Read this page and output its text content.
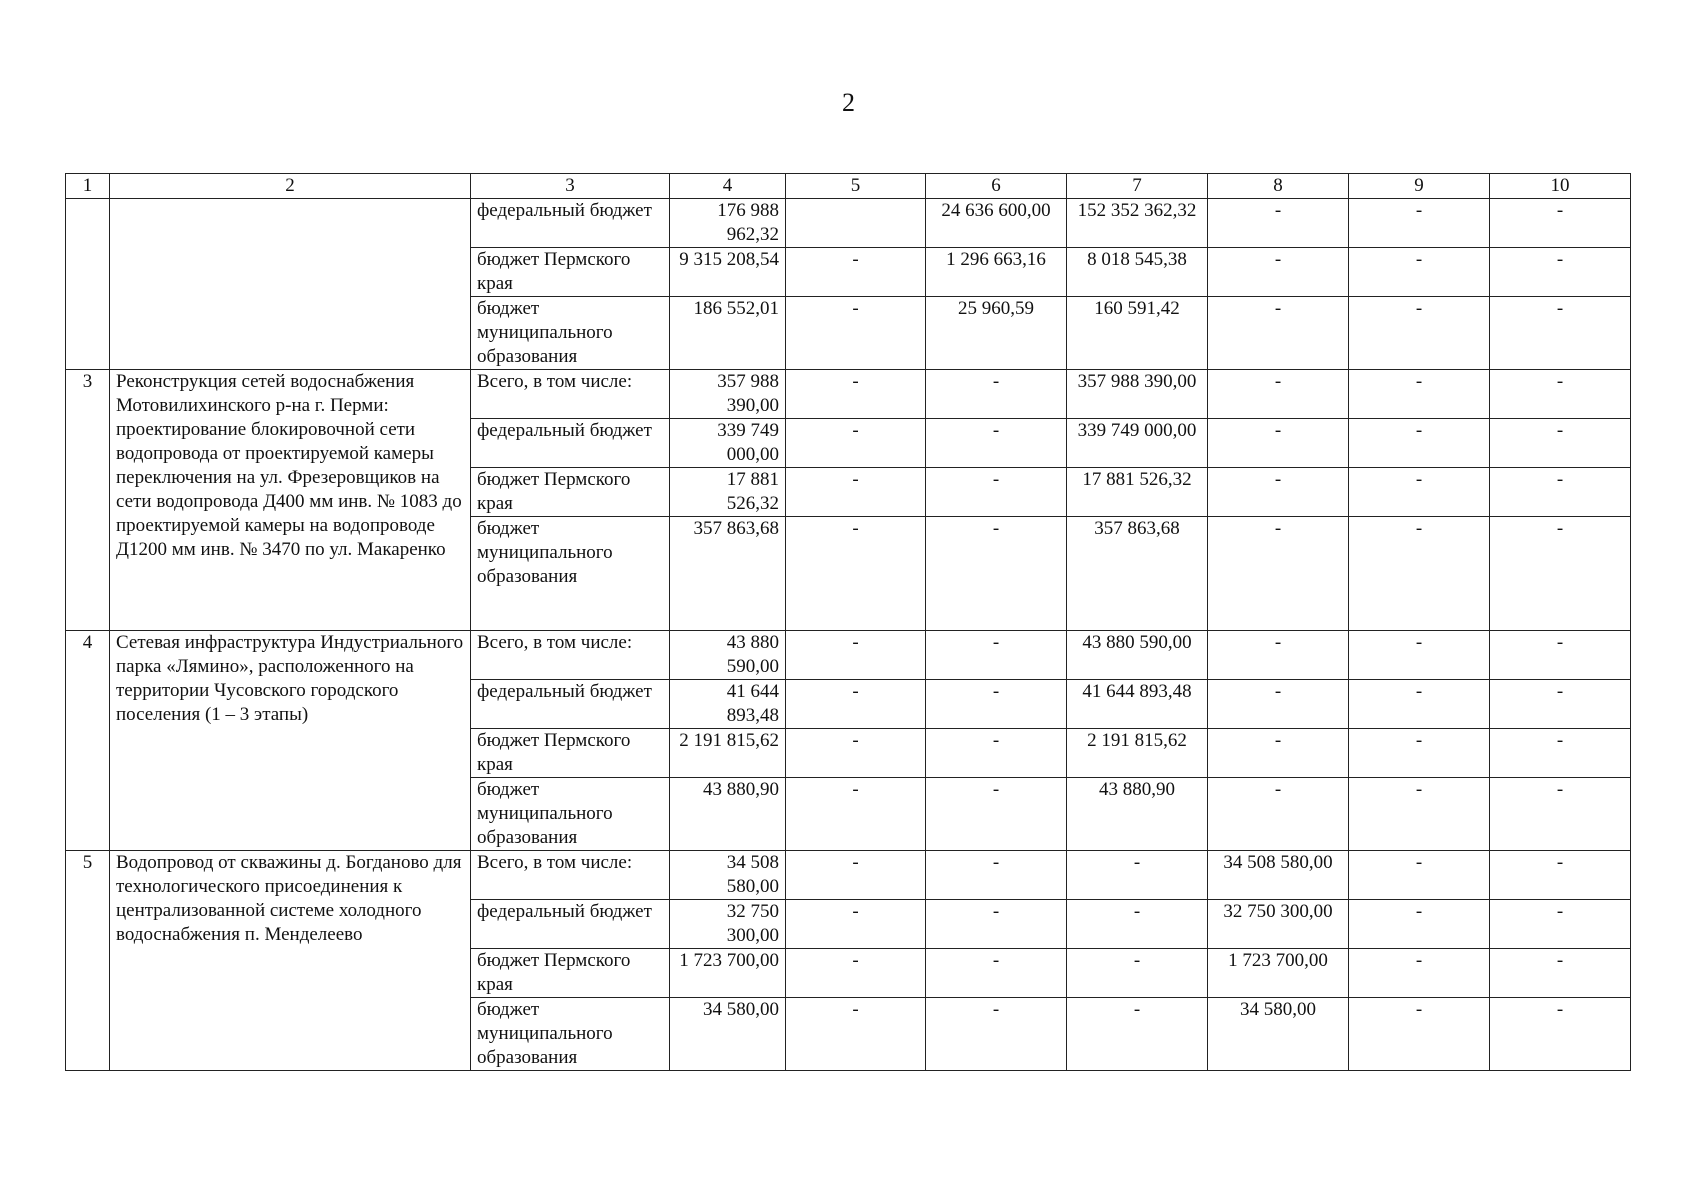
2
1	2	3	4	5	6	7	8	9	10
		федеральный бюджет	176 988 962,32		24 636 600,00	152 352 362,32	-	-	-
		бюджет Пермского края	9 315 208,54	-	1 296 663,16	8 018 545,38	-	-	-
		бюджет муниципального образования	186 552,01	-	25 960,59	160 591,42	-	-	-
3	Реконструкция сетей водоснабжения Мотовилихинского р-на г. Перми: проектирование блокировочной сети водопровода от проектируемой камеры переключения на ул. Фрезеровщиков на сети водопровода Д400 мм инв. № 1083 до проектируемой камеры на водопроводе Д1200 мм инв. № 3470 по ул. Макаренко	Всего, в том числе:	357 988 390,00	-	-	357 988 390,00	-	-	-
		федеральный бюджет	339 749 000,00	-	-	339 749 000,00	-	-	-
		бюджет Пермского края	17 881 526,32	-	-	17 881 526,32	-	-	-
		бюджет муниципального образования	357 863,68	-	-	357 863,68	-	-	-
4	Сетевая инфраструктура Индустриального парка «Лямино», расположенного на территории Чусовского городского поселения (1 – 3 этапы)	Всего, в том числе:	43 880 590,00	-	-	43 880 590,00	-	-	-
		федеральный бюджет	41 644 893,48	-	-	41 644 893,48	-	-	-
		бюджет Пермского края	2 191 815,62	-	-	2 191 815,62	-	-	-
		бюджет муниципального образования	43 880,90	-	-	43 880,90	-	-	-
5	Водопровод от скважины д. Богданово для технологического присоединения к централизованной системе холодного водоснабжения п. Менделеево	Всего, в том числе:	34 508 580,00	-	-	-	34 508 580,00	-	-
		федеральный бюджет	32 750 300,00	-	-	-	32 750 300,00	-	-
		бюджет Пермского края	1 723 700,00	-	-	-	1 723 700,00	-	-
		бюджет муниципального образования	34 580,00	-	-	-	34 580,00	-	-
